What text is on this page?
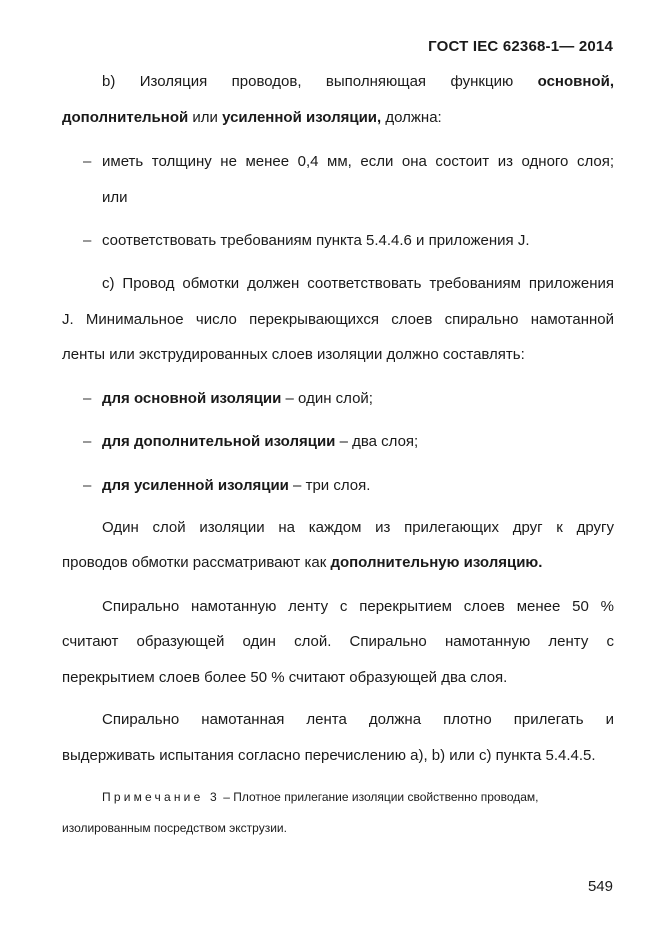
ГОСТ IEC 62368-1— 2014
b) Изоляция проводов, выполняющая функцию основной,
дополнительной или усиленной изоляции, должна:
– иметь толщину не менее 0,4 мм, если она состоит из одного слоя;
или
– соответствовать требованиям пункта 5.4.4.6 и приложения J.
с) Провод обмотки должен соответствовать требованиям приложения
J. Минимальное число перекрывающихся слоев спирально намотанной
ленты или экструдированных слоев изоляции должно составлять:
– для основной изоляции – один слой;
– для дополнительной изоляции – два слоя;
– для усиленной изоляции – три слоя.
Один слой изоляции на каждом из прилегающих друг к другу
проводов обмотки рассматривают как дополнительную изоляцию.
Спирально намотанную ленту с перекрытием слоев менее 50 %
считают образующей один слой. Спирально намотанную ленту с
перекрытием слоев более 50 % считают образующей два слоя.
Спирально намотанная лента должна плотно прилегать и
выдерживать испытания согласно перечислению a), b) или c) пункта 5.4.4.5.
Примечание 3 – Плотное прилегание изоляции свойственно проводам,
изолированным посредством экструзии.
549
